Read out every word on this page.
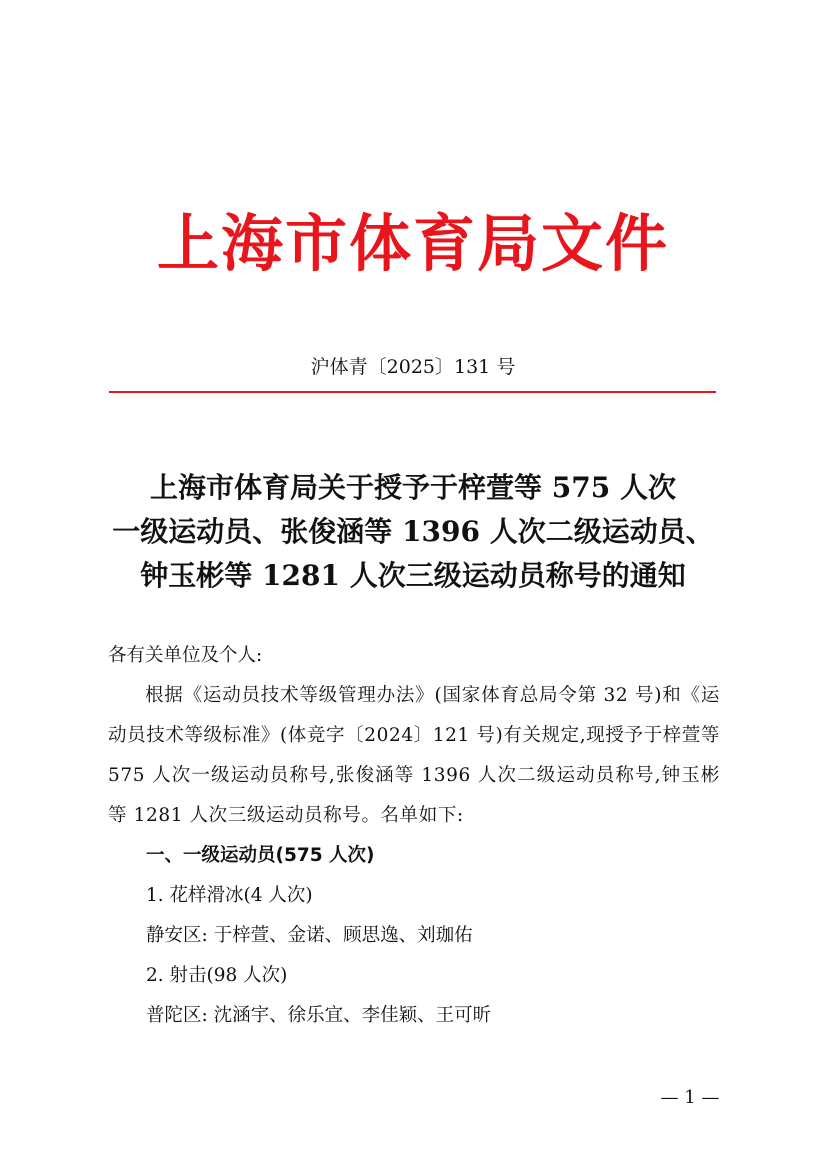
上海市体育局文件
沪体青〔2025〕131 号
上海市体育局关于授予于梓萱等 575 人次
一级运动员、张俊涵等 1396 人次二级运动员、
钟玉彬等 1281 人次三级运动员称号的通知
各有关单位及个人:
根据《运动员技术等级管理办法》(国家体育总局令第 32 号)和《运动员技术等级标准》(体竞字〔2024〕121 号)有关规定,现授予于梓萱等 575 人次一级运动员称号,张俊涵等 1396 人次二级运动员称号,钟玉彬等 1281 人次三级运动员称号。名单如下:
一、一级运动员(575 人次)
1. 花样滑冰(4 人次)
静安区: 于梓萱、金诺、顾思逸、刘珈佑
2. 射击(98 人次)
普陀区: 沈涵宇、徐乐宜、李佳颖、王可昕
— 1 —
